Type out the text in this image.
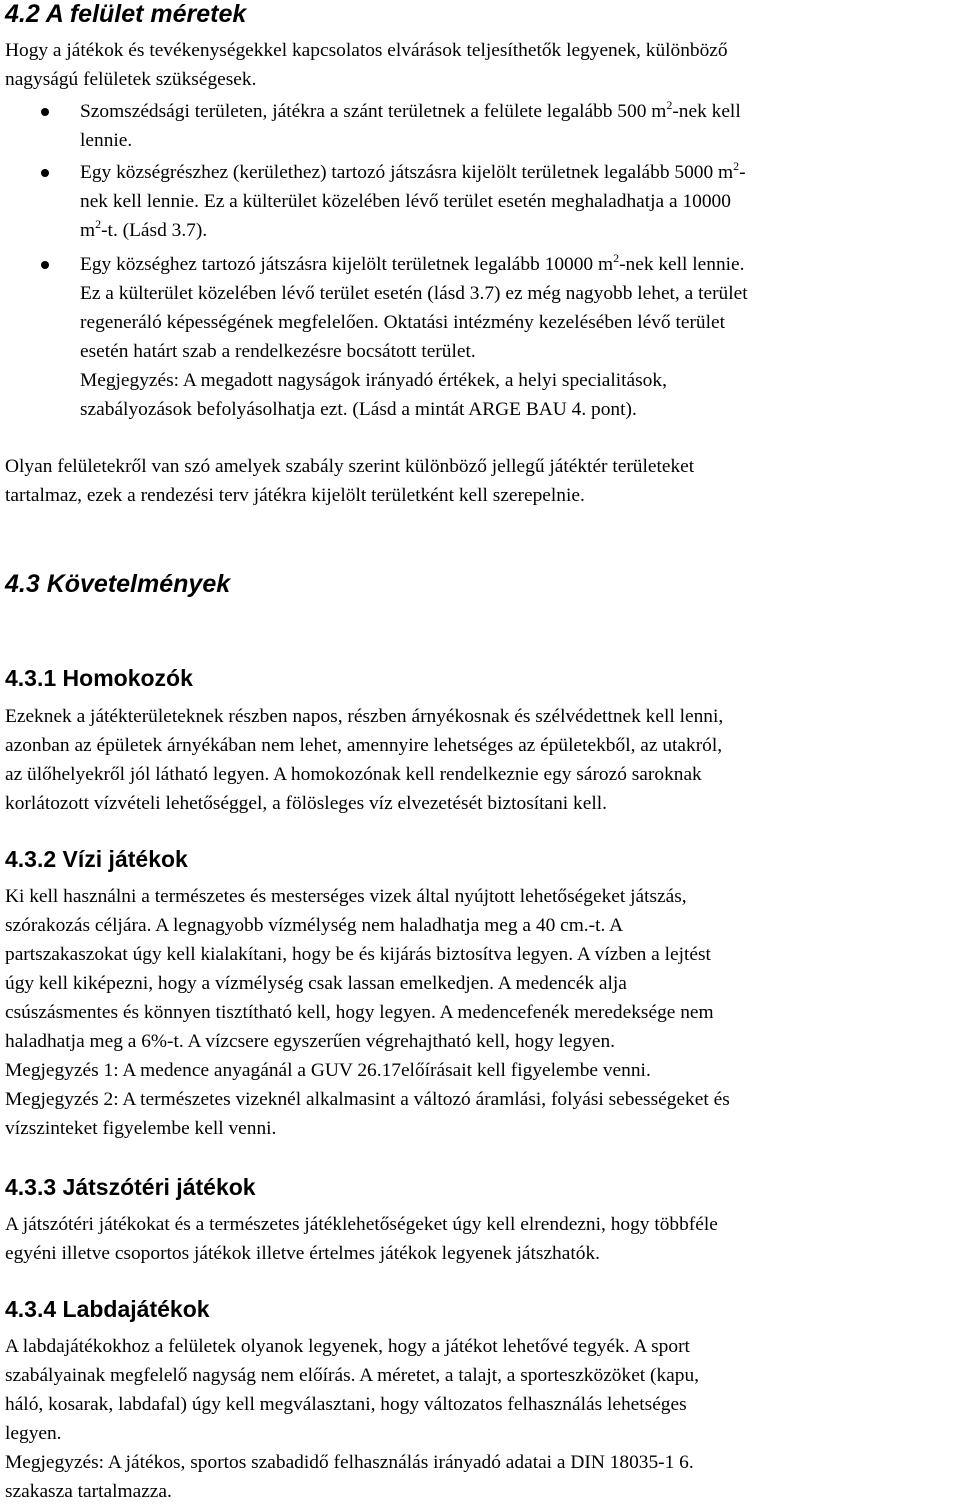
4.2 A felület méretek

Hogy a játékok és tevékenységekkel kapcsolatos elvárások teljesíthetők legyenek, különböző
nagyságú felületek szükségesek.

Szomszédsági területen, játékra a szánt területnek a felülete legalább 500 $m^2$-nek kell
lennie.
Egy községrészhez (kerülethez) tartozó játszásra kijelölt területnek legalább 5000 $m^2-$
nek kell lennie. Ez a külterület közelében lévő terület esetén meghaladhatja a 10000
$m^2-t$. (Lásd 3.7).
Egy községhez tartozó játszásra kijelölt területnek legalább 10000 $m^2$-nek kell lennie.
Ez a külterület közelében lévő terület esetén (lásd 3.7) ez még nagyobb lehet, a terület
regeneráló képességének megfelelően. Oktatási intézmény kezelésében lévő terület
esetén határt szab a rendelkezésre bocsátott terület.
Megjegyzés: A megadott nagyságok irányadó értékek, a helyi specialitások,
szabályozások befolyásolhatja ezt. (Lásd a mintát ARGE BAU 4. pont).

Olyan felületekről van szó amelyek szabály szerint különböző jellegű játéktér területeket
tartalmaz, ezek a rendezési terv játékra kijelölt területként kell szerepelnie.

4.3 Követelmények
4.3.1 Homokozók

Ezeknek a játékterületeknek részben napos, részben árnyékosnak és szélvédettnek kell lenni,
azonban az épületek árnyékában nem lehet, amennyire lehetséges az épületekből, az utakról,
az ülőhelyekről jól látható legyen. A homokozónak kell rendelkeznie egy sározó saroknak
korlátozott vízvételi lehetőséggel, a fölösleges víz elvezetését biztosítani kell.

4.3.2 Vízi játékok

Ki kell használni a természetes és mesterséges vizek által nyújtott lehetőségeket játszás,
szórakozás céljára. A legnagyobb vízmélység nem haladhatja meg a 40 cm.-t. A
partszakaszokat úgy kell kialakítani, hogy be és kijárás biztosítva legyen. A vízben a lejtést
úgy kell kiképezni, hogy a vízmélység csak lassan emelkedjen. A medencék alja
csúszásmentes és könnyen tisztítható kell, hogy legyen. A medencefenék meredeksége nem
haladhatja meg a 6%-t. A vízcsere egyszerűen végrehajtható kell, hogy legyen.
Megjegyzés 1: A medence anyagánál a GUV 26.17előírásait kell figyelembe venni.
Megjegyzés 2: A természetes vizeknél alkalmasint a változó áramlási, folyási sebességeket és
vízszinteket figyelembe kell venni.

4.3.3 Játszótéri játékok

A játszótéri játékokat és a természetes játéklehetőségeket úgy kell elrendezni, hogy többféle
egyéni illetve csoportos játékok illetve értelmes játékok legyenek játszhatók.

4.3.4 Labdajátékok

A labdajátékokhoz a felületek olyanok legyenek, hogy a játékot lehetővé tegyék. A sport
szabályainak megfelelő nagyság nem előírás. A méretet, a talajt, a sporteszközöket (kapu,
háló, kosarak, labdafal) úgy kell megválasztani, hogy változatos felhasználás lehetséges
legyen.
Megjegyzés: A játékos, sportos szabadidő felhasználás irányadó adatai a DIN 18035-1 6.
szakasza tartalmazza.
